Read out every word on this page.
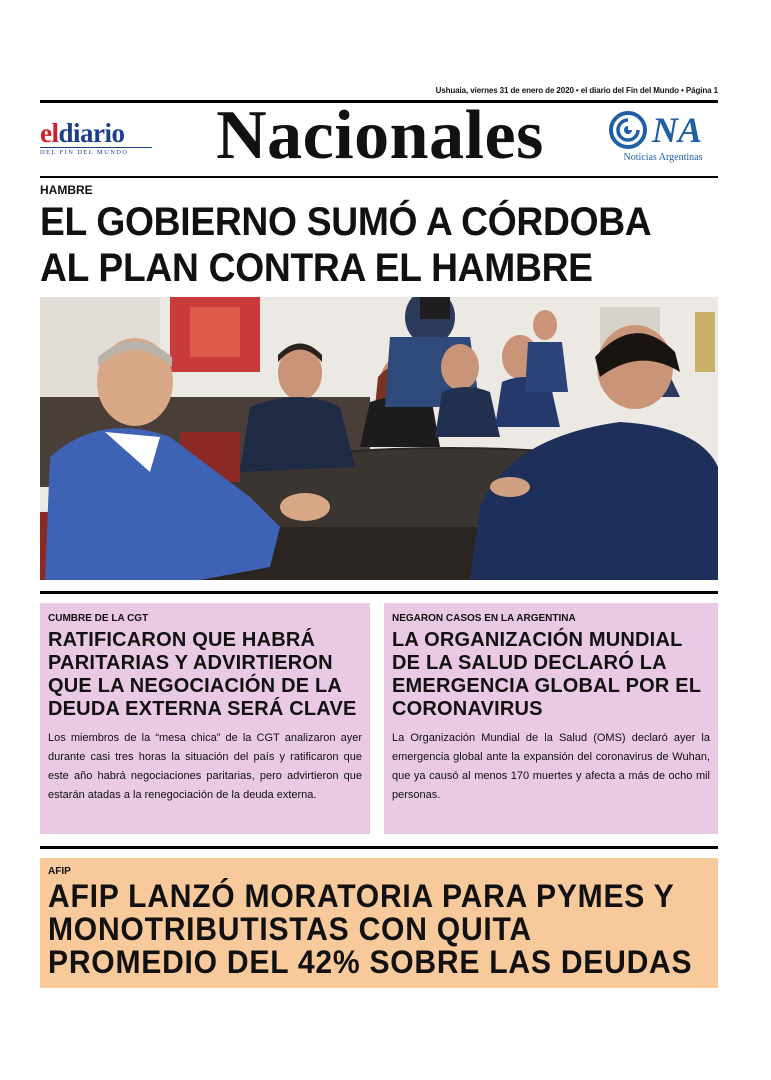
Ushuaia, viernes 31 de enero de 2020 • el diario del Fin del Mundo • Página 1
eldiario
DEL FIN DEL MUNDO	Nacionales	NA
Noticias Argentinas
HAMBRE
EL GOBIERNO SUMÓ A CÓRDOBA AL PLAN CONTRA EL HAMBRE
CUMBRE DE LA CGT
RATIFICARON QUE HABRÁ PARITARIAS Y ADVIRTIERON QUE LA NEGOCIACIÓN DE LA DEUDA EXTERNA SERÁ CLAVE
Los miembros de la “mesa chica” de la CGT analizaron ayer durante casi tres horas la situación del país y ratificaron que este año habrá negociaciones paritarias, pero advirtieron que estarán atadas a la renegociación de la deuda externa.
NEGARON CASOS EN LA ARGENTINA
LA ORGANIZACIÓN MUNDIAL DE LA SALUD DECLARÓ LA EMERGENCIA GLOBAL POR EL CORONAVIRUS
La Organización Mundial de la Salud (OMS) declaró ayer la emergencia global ante la expansión del coronavirus de Wuhan, que ya causó al menos 170 muertes y afecta a más de ocho mil personas.
AFIP
AFIP LANZÓ MORATORIA PARA PYMES Y MONOTRIBUTISTAS CON QUITA PROMEDIO DEL 42% SOBRE LAS DEUDAS
